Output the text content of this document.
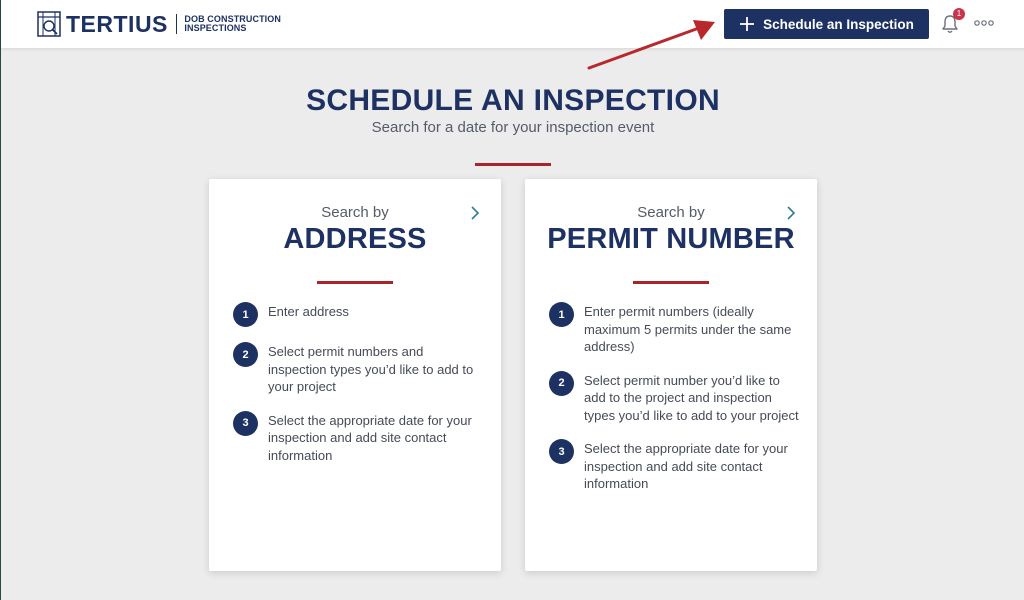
TERTIUS DOB CONSTRUCTION
INSPECTIONS	Schedule an Inspection
1
SCHEDULE AN INSPECTION
Search for a date for your inspection event
Search by
ADDRESS
1	Enter address
2	Select permit numbers and inspection types you’d like to add to your project
3	Select the appropriate date for your inspection and add site contact information
Search by
PERMIT NUMBER
1	Enter permit numbers (ideally maximum 5 permits under the same address)
2	Select permit number you’d like to add to the project and inspection types you’d like to add to your project
3	Select the appropriate date for your inspection and add site contact information
